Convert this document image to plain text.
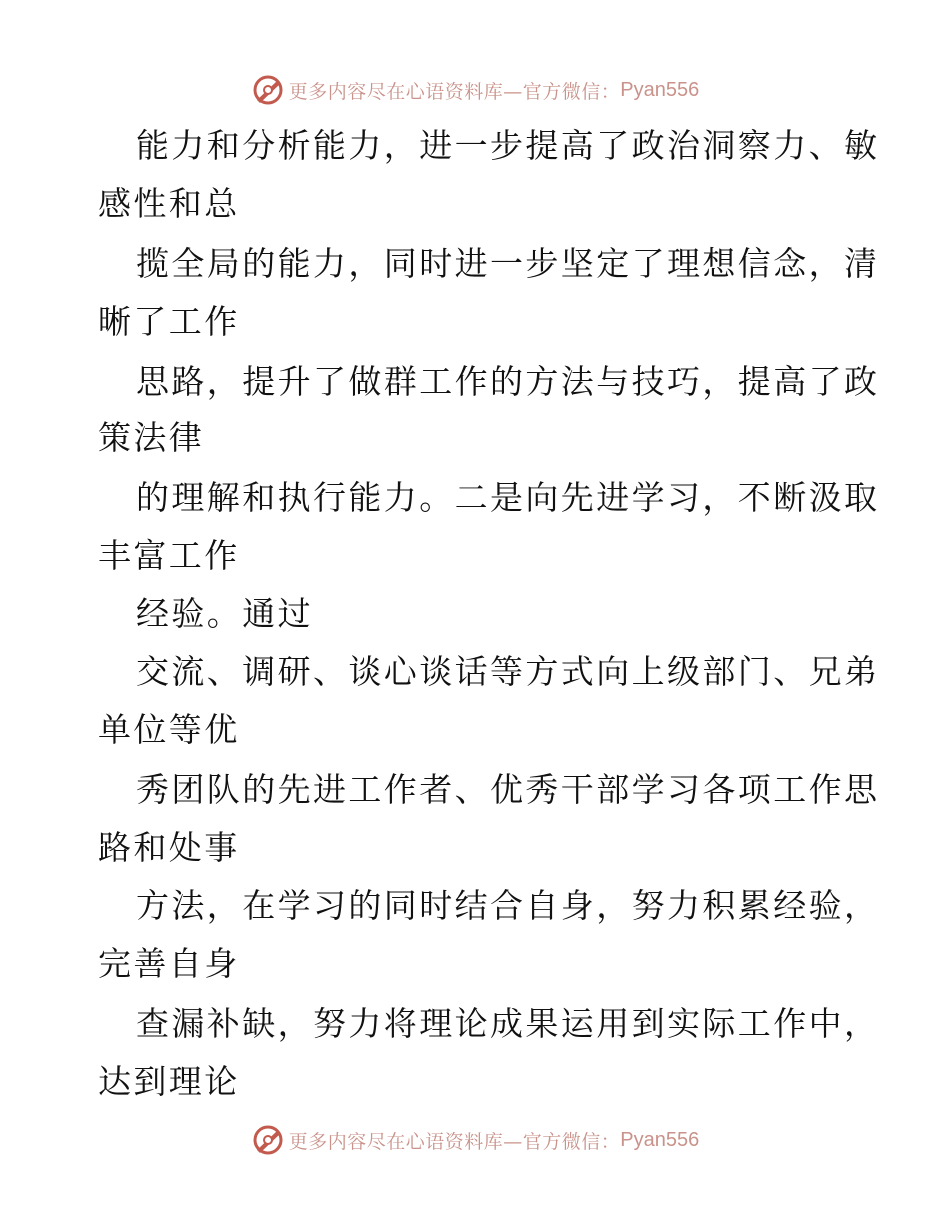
更多内容尽在心语资料库—官方微信： Pyan556
能力和分析能力，进一步提高了政治洞察力、敏
感性和总
揽全局的能力，同时进一步坚定了理想信念，清
晰了工作
思路，提升了做群工作的方法与技巧，提高了政
策法律
的理解和执行能力。二是向先进学习，不断汲取
丰富工作
经验。通过
交流、调研、谈心谈话等方式向上级部门、兄弟
单位等优
秀团队的先进工作者、优秀干部学习各项工作思
路和处事
方法，在学习的同时结合自身，努力积累经验，
完善自身
查漏补缺，努力将理论成果运用到实际工作中，
达到理论
更多内容尽在心语资料库—官方微信： Pyan556
